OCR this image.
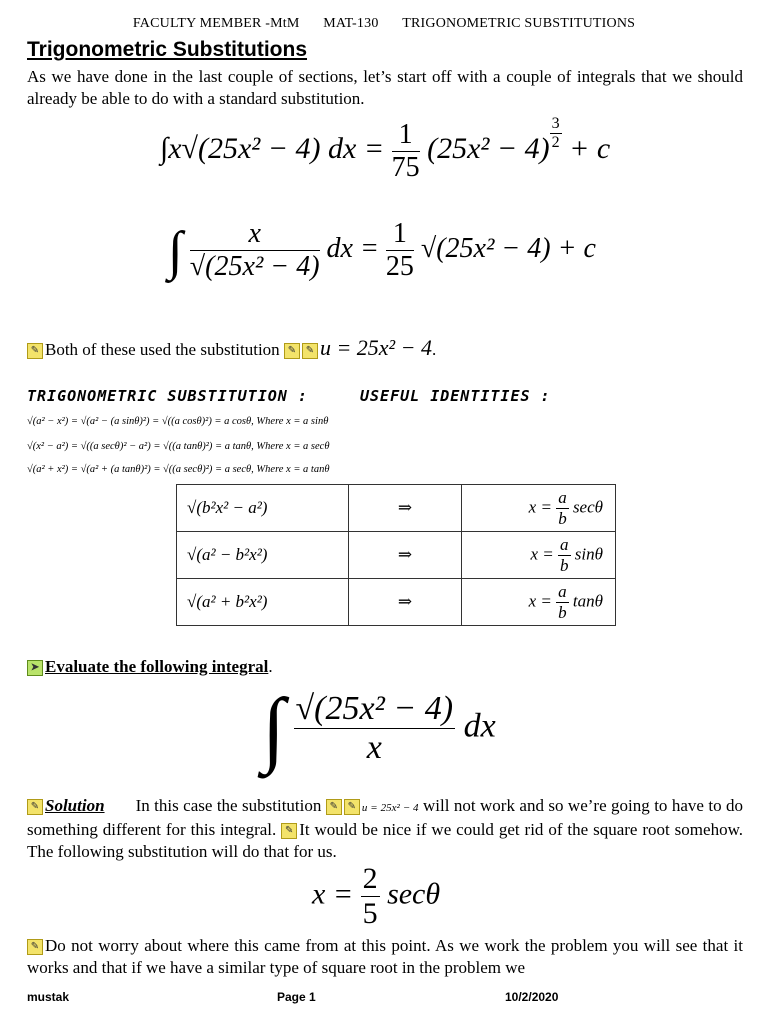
FACULTY MEMBER -MtM MAT-130 TRIGONOMETRIC SUBSTITUTIONS
Trigonometric Substitutions
As we have done in the last couple of sections, let’s start off with a couple of integrals that we should already be able to do with a standard substitution.
∫x√(25x² − 4) dx = $\frac{1}{75} (25x^2 - 4) \frac{3}{2} + c$
∫ $\frac{x}{\text{√(25x² − 4)}}$ dx = $\frac{1}{25} √(25x^2 - 4) + c$
✎ Both of these used the substitution ✎ ✎ u = 25x² − 4.
TRIGONOMETRIC SUBSTITUTION :	USEFUL IDENTITIES :
√(a² − x²) = √(a² − (a sinθ)²) = √((a cosθ)²) = a cosθ, Where x = a sinθ
√(x² − a²) = √((a secθ)² − a²) = √((a tanθ)²) = a tanθ, Where x = a secθ
√(a² + x²) = √(a² + (a tanθ)²) = √((a secθ)²) = a secθ, Where x = a tanθ
√(b²x² − a²)	⇒	$x = \frac{a}{b}$ secθ
√(a² − b²x²)	⇒	$x = \frac{a}{b}$ sinθ
√(a² + b²x²)	⇒	$x = \frac{a}{b}$ tanθ
➤ Evaluate the following integral.
∫ $\frac{\text{√(25x² − 4)}}{x}$ dx
✎ Solution In this case the substitution ✎ ✎ u = 25x² − 4 will not work and so we’re going to have to do something different for this integral. ✎ It would be nice if we could get rid of the square root somehow. The following substitution will do that for us.
$x = \frac{2}{5}$ secθ
✎ Do not worry about where this came from at this point. As we work the problem you will see that it works and that if we have a similar type of square root in the problem we
mustak	Page 1	10/2/2020
